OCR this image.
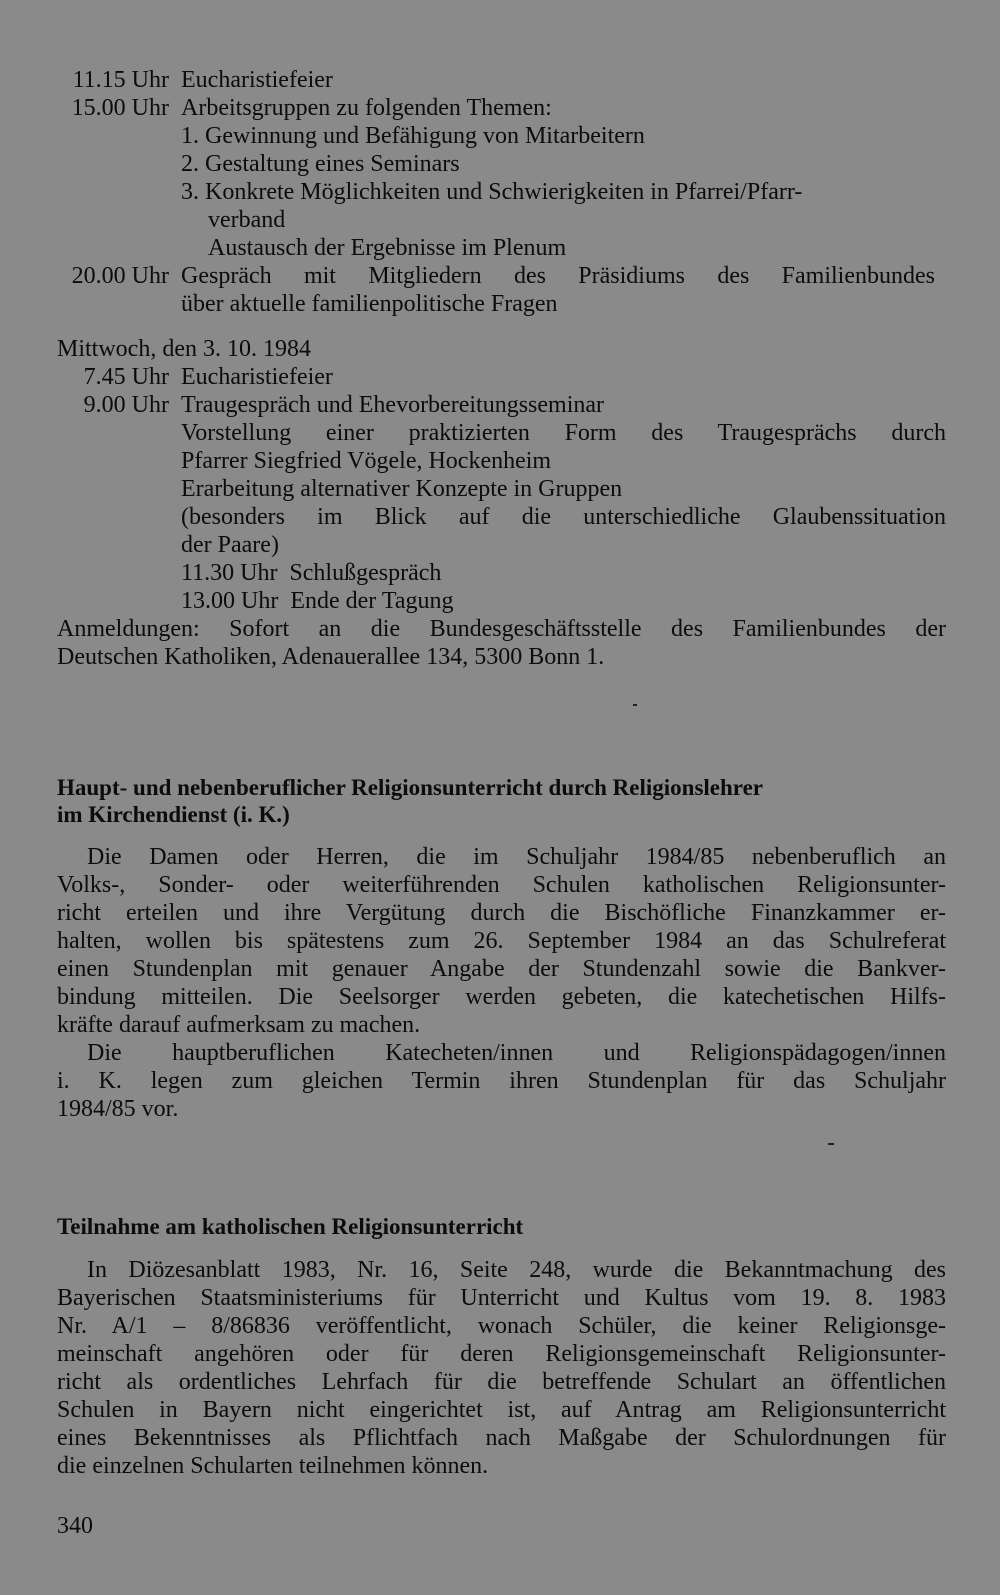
11.15 Uhr Eucharistiefeier
15.00 Uhr Arbeitsgruppen zu folgenden Themen:
1. Gewinnung und Befähigung von Mitarbeitern
2. Gestaltung eines Seminars
3. Konkrete Möglichkeiten und Schwierigkeiten in Pfarrei/Pfarr-
verband
Austausch der Ergebnisse im Plenum
20.00 Uhr Gespräch mit Mitgliedern des Präsidiums des Familienbundes
über aktuelle familienpolitische Fragen
Mittwoch, den 3. 10. 1984
7.45 Uhr Eucharistiefeier
9.00 Uhr Traugespräch und Ehevorbereitungsseminar
Vorstellung einer praktizierten Form des Traugesprächs durch
Pfarrer Siegfried Vögele, Hockenheim
Erarbeitung alternativer Konzepte in Gruppen
(besonders im Blick auf die unterschiedliche Glaubenssituation
der Paare)
11.30 Uhr  Schlußgespräch
13.00 Uhr  Ende der Tagung
Anmeldungen: Sofort an die Bundesgeschäftsstelle des Familienbundes der
Deutschen Katholiken, Adenauerallee 134, 5300 Bonn 1.
Haupt- und nebenberuflicher Religionsunterricht durch Religionslehrer
im Kirchendienst (i. K.)
Die Damen oder Herren, die im Schuljahr 1984/85 nebenberuflich an
Volks-, Sonder- oder weiterführenden Schulen katholischen Religionsunter-
richt erteilen und ihre Vergütung durch die Bischöfliche Finanzkammer er-
halten, wollen bis spätestens zum 26. September 1984 an das Schulreferat
einen Stundenplan mit genauer Angabe der Stundenzahl sowie die Bankver-
bindung mitteilen. Die Seelsorger werden gebeten, die katechetischen Hilfs-
kräfte darauf aufmerksam zu machen.
Die hauptberuflichen Katecheten/innen und Religionspädagogen/innen
i. K. legen zum gleichen Termin ihren Stundenplan für das Schuljahr
1984/85 vor.
Teilnahme am katholischen Religionsunterricht
In Diözesanblatt 1983, Nr. 16, Seite 248, wurde die Bekanntmachung des
Bayerischen Staatsministeriums für Unterricht und Kultus vom 19. 8. 1983
Nr. A/1 – 8/86836 veröffentlicht, wonach Schüler, die keiner Religionsge-
meinschaft angehören oder für deren Religionsgemeinschaft Religionsunter-
richt als ordentliches Lehrfach für die betreffende Schulart an öffentlichen
Schulen in Bayern nicht eingerichtet ist, auf Antrag am Religionsunterricht
eines Bekenntnisses als Pflichtfach nach Maßgabe der Schulordnungen für
die einzelnen Schularten teilnehmen können.
340
